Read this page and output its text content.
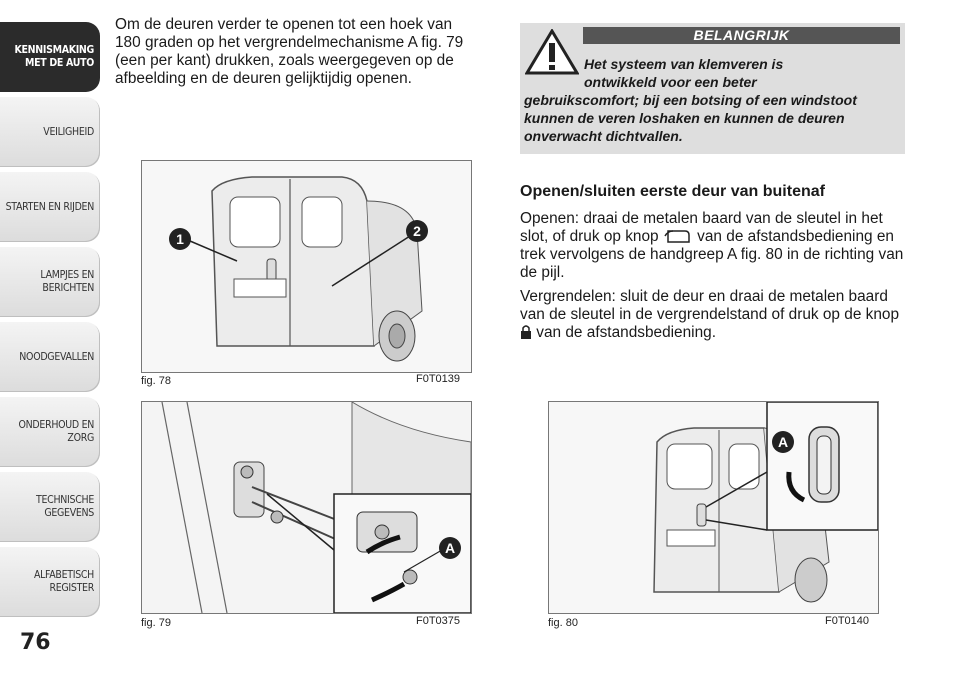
KENNISMAKING MET DE AUTO
VEILIGHEID
STARTEN EN RIJDEN
LAMPJES EN BERICHTEN
NOODGEVALLEN
ONDERHOUD EN ZORG
TECHNISCHE GEGEVENS
ALFABETISCH REGISTER
76

Om de deuren verder te openen tot een hoek van 180 graden op het vergrendelmechanisme A fig. 79 (een per kant) drukken, zoals weergegeven op de afbeelding en de deuren gelijktijdig openen.

1	2
fig. 78	F0T0139
A
fig. 79	F0T0375
BELANGRIJK
Het systeem van klemveren is
ontwikkeld voor een beter
gebruikscomfort; bij een botsing of een windstoot kunnen de veren loshaken en kunnen de deuren onverwacht dichtvallen.
Openen/sluiten eerste deur van buitenaf

Openen: draai de metalen baard van de sleutel in het slot, of druk op knop	van de afstandsbediening en trek vervolgens de handgreep A fig. 80 in de richting van de pijl.

Vergrendelen: sluit de deur en draai de metalen baard van de sleutel in de vergrendelstand of druk op de knop  van de afstandsbediening.

A
fig. 80	F0T0140
